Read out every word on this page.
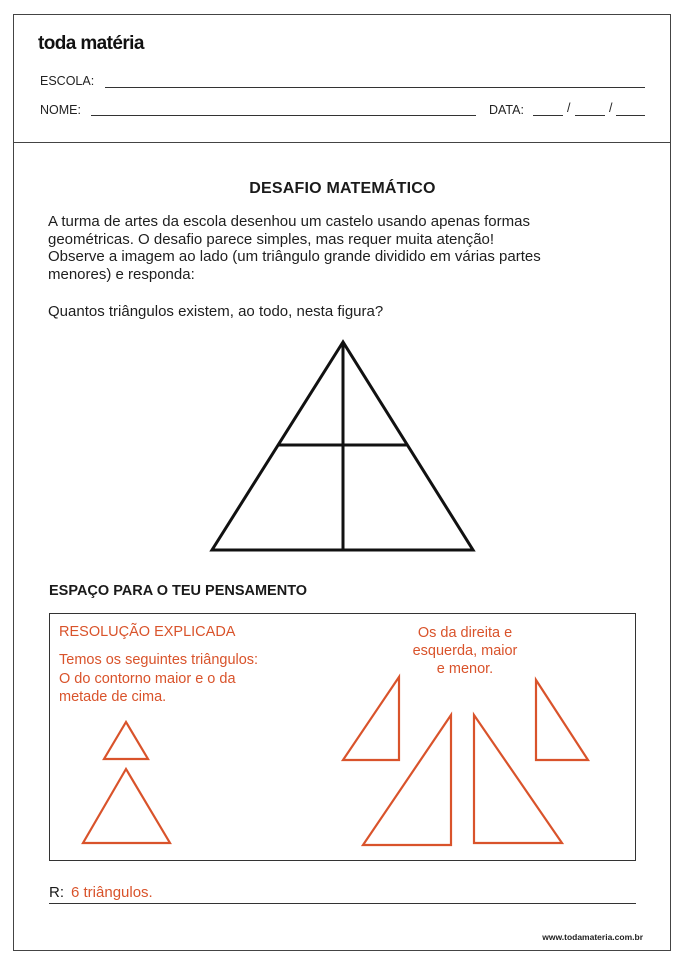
toda matéria
ESCOLA:
NOME:	DATA:	/	/
DESAFIO MATEMÁTICO
A turma de artes da escola desenhou um castelo usando apenas formas
geométricas. O desafio parece simples, mas requer muita atenção!
Observe a imagem ao lado (um triângulo grande dividido em várias partes
menores) e responda:
Quantos triângulos existem, ao todo, nesta figura?
ESPAÇO PARA O TEU PENSAMENTO
RESOLUÇÃO EXPLICADA
Temos os seguintes triângulos:
O do contorno maior e o da
metade de cima.
Os da direita e
esquerda, maior
e menor.
R: 6 triângulos.
www.todamateria.com.br
